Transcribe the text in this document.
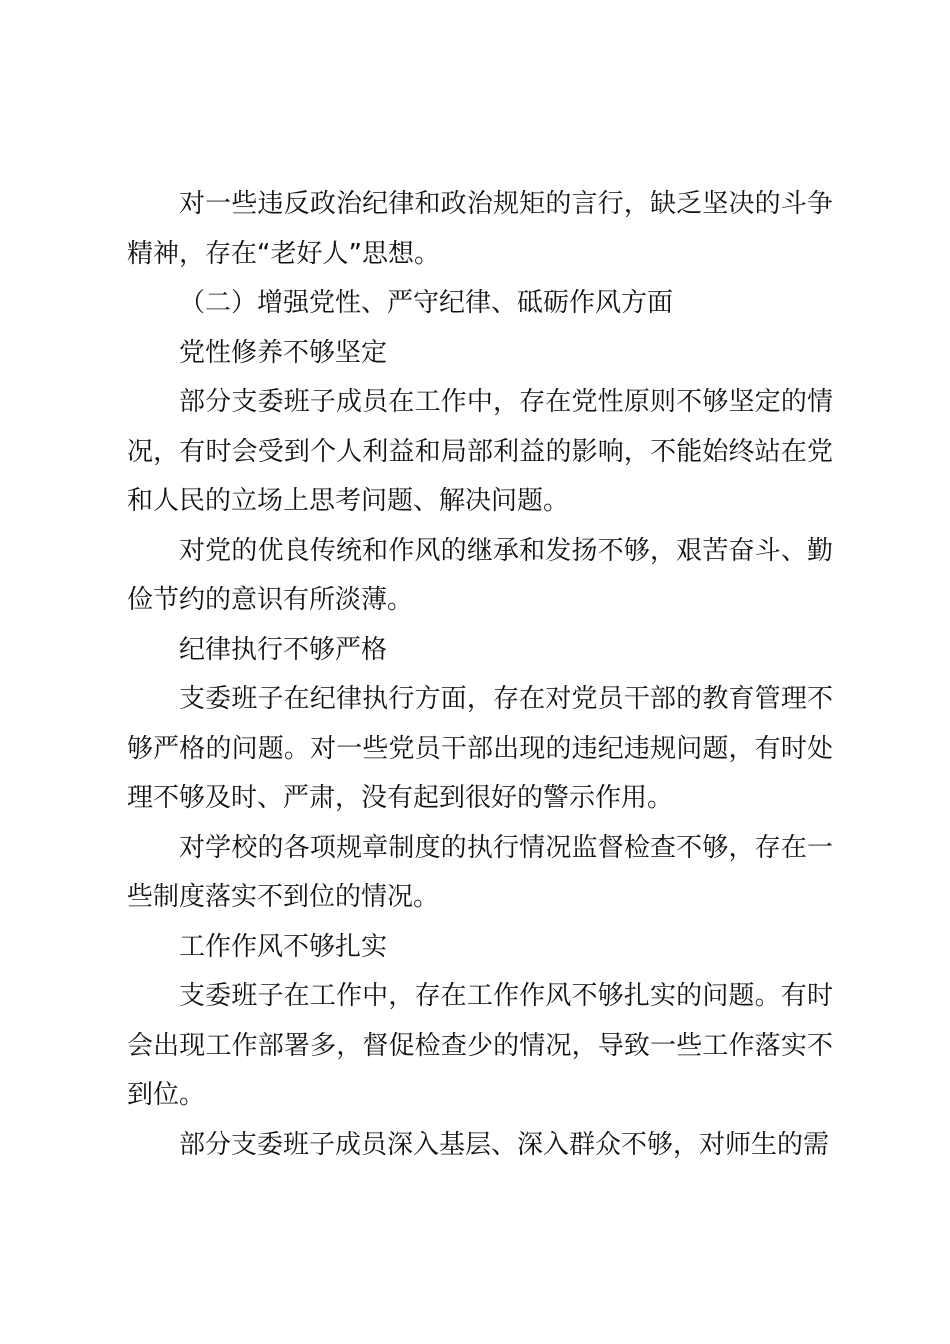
对一些违反政治纪律和政治规矩的言行，缺乏坚决的斗争精神，存在“老好人”思想。

（二）增强党性、严守纪律、砥砺作风方面

党性修养不够坚定

部分支委班子成员在工作中，存在党性原则不够坚定的情况，有时会受到个人利益和局部利益的影响，不能始终站在党和人民的立场上思考问题、解决问题。

对党的优良传统和作风的继承和发扬不够，艰苦奋斗、勤俭节约的意识有所淡薄。

纪律执行不够严格

支委班子在纪律执行方面，存在对党员干部的教育管理不够严格的问题。对一些党员干部出现的违纪违规问题，有时处理不够及时、严肃，没有起到很好的警示作用。

对学校的各项规章制度的执行情况监督检查不够，存在一些制度落实不到位的情况。

工作作风不够扎实

支委班子在工作中，存在工作作风不够扎实的问题。有时会出现工作部署多，督促检查少的情况，导致一些工作落实不到位。

部分支委班子成员深入基层、深入群众不够，对师生的需
